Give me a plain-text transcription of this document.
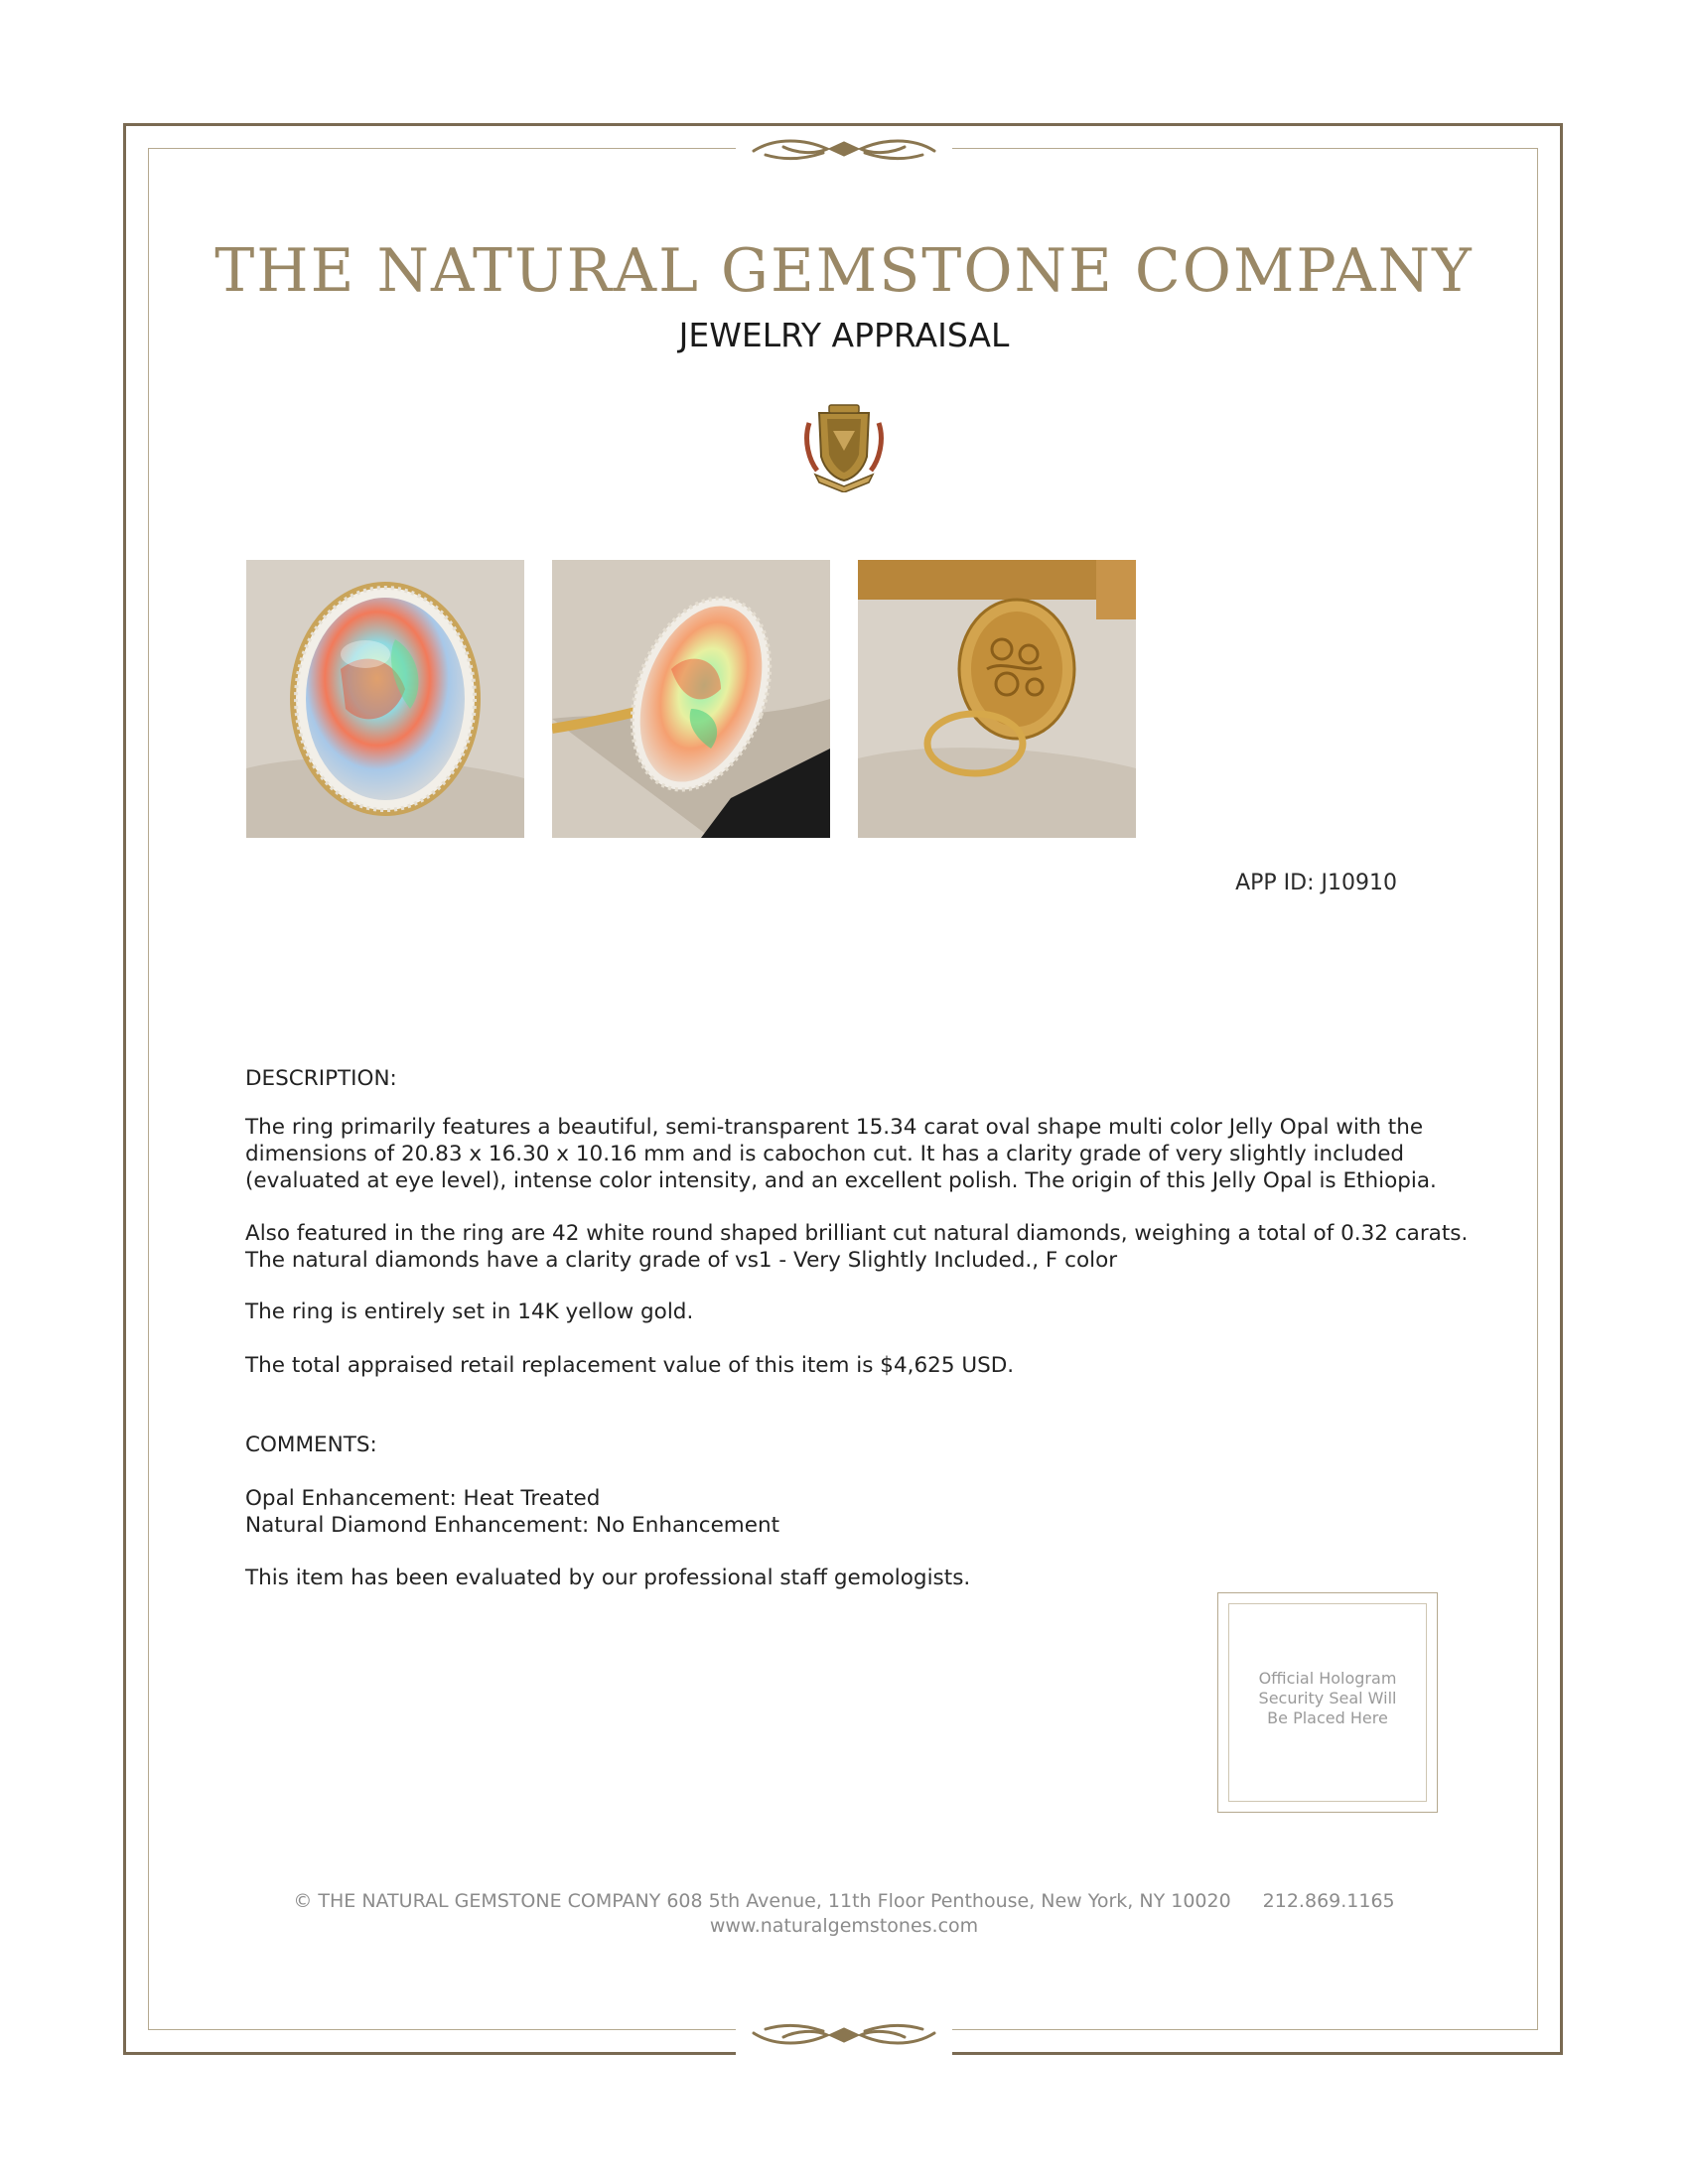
THE NATURAL GEMSTONE COMPANY
JEWELRY APPRAISAL
APP ID: J10910
DESCRIPTION:
The ring primarily features a beautiful, semi-transparent 15.34 carat oval shape multi color Jelly Opal with the
dimensions of 20.83 x 16.30 x 10.16 mm and is cabochon cut. It has a clarity grade of very slightly included
(evaluated at eye level), intense color intensity, and an excellent polish. The origin of this Jelly Opal is Ethiopia.
Also featured in the ring are 42 white round shaped brilliant cut natural diamonds, weighing a total of 0.32 carats.
The natural diamonds have a clarity grade of vs1 - Very Slightly Included., F color
The ring is entirely set in 14K yellow gold.
The total appraised retail replacement value of this item is $4,625 USD.
COMMENTS:
Opal Enhancement: Heat Treated
Natural Diamond Enhancement: No Enhancement
This item has been evaluated by our professional staff gemologists.
Official Hologram
Security Seal Will
Be Placed Here
© THE NATURAL GEMSTONE COMPANY 608 5th Avenue, 11th Floor Penthouse, New York, NY 10020 212.869.1165
www.naturalgemstones.com
